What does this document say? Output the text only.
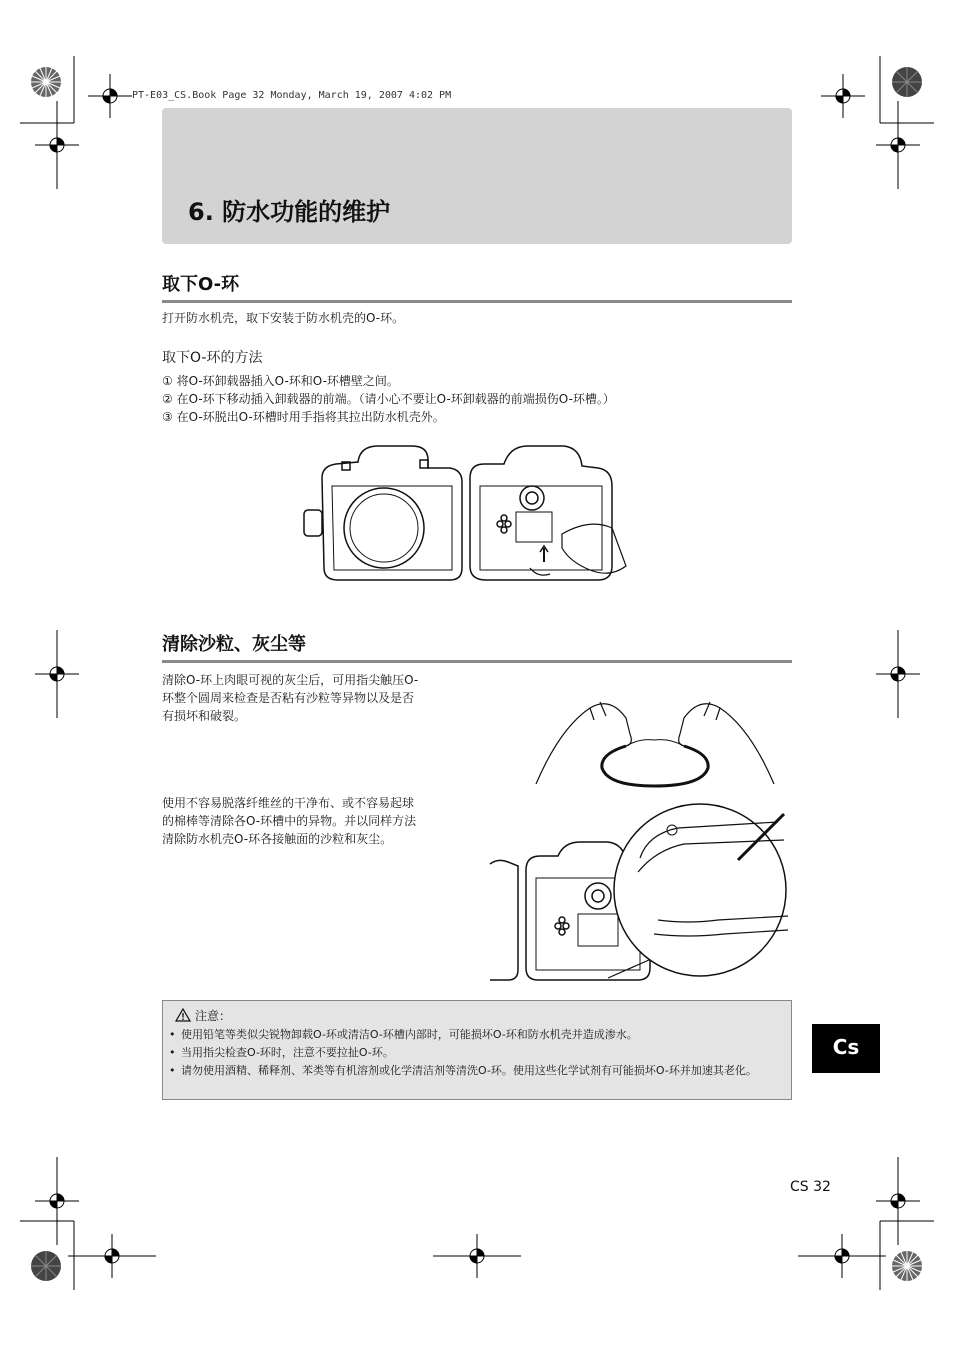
PT-E03_CS.Book Page 32 Monday, March 19, 2007 4:02 PM
6. 防水功能的维护
取下O-环
打开防水机壳，取下安装于防水机壳的O-环。
取下O-环的方法
① 将O-环卸载器插入O-环和O-环槽壁之间。
② 在O-环下移动插入卸载器的前端。（请小心不要让O-环卸载器的前端损伤O-环槽。）
③ 在O-环脱出O-环槽时用手指将其拉出防水机壳外。
清除沙粒、灰尘等
清除O-环上肉眼可视的灰尘后，可用指尖触压O-
环整个圆周来检查是否粘有沙粒等异物以及是否
有损坏和破裂。
使用不容易脱落纤维丝的干净布、或不容易起球
的棉棒等清除各O-环槽中的异物。并以同样方法
清除防水机壳O-环各接触面的沙粒和灰尘。
注意：
• 使用铅笔等类似尖锐物卸载O-环或清洁O-环槽内部时，可能损坏O-环和防水机壳并造成渗水。
• 当用指尖检查O-环时，注意不要拉扯O-环。
• 请勿使用酒精、稀释剂、苯类等有机溶剂或化学清洁剂等清洗O-环。使用这些化学试剂有可能损坏O-环并加速其老化。
Cs
CS 32
